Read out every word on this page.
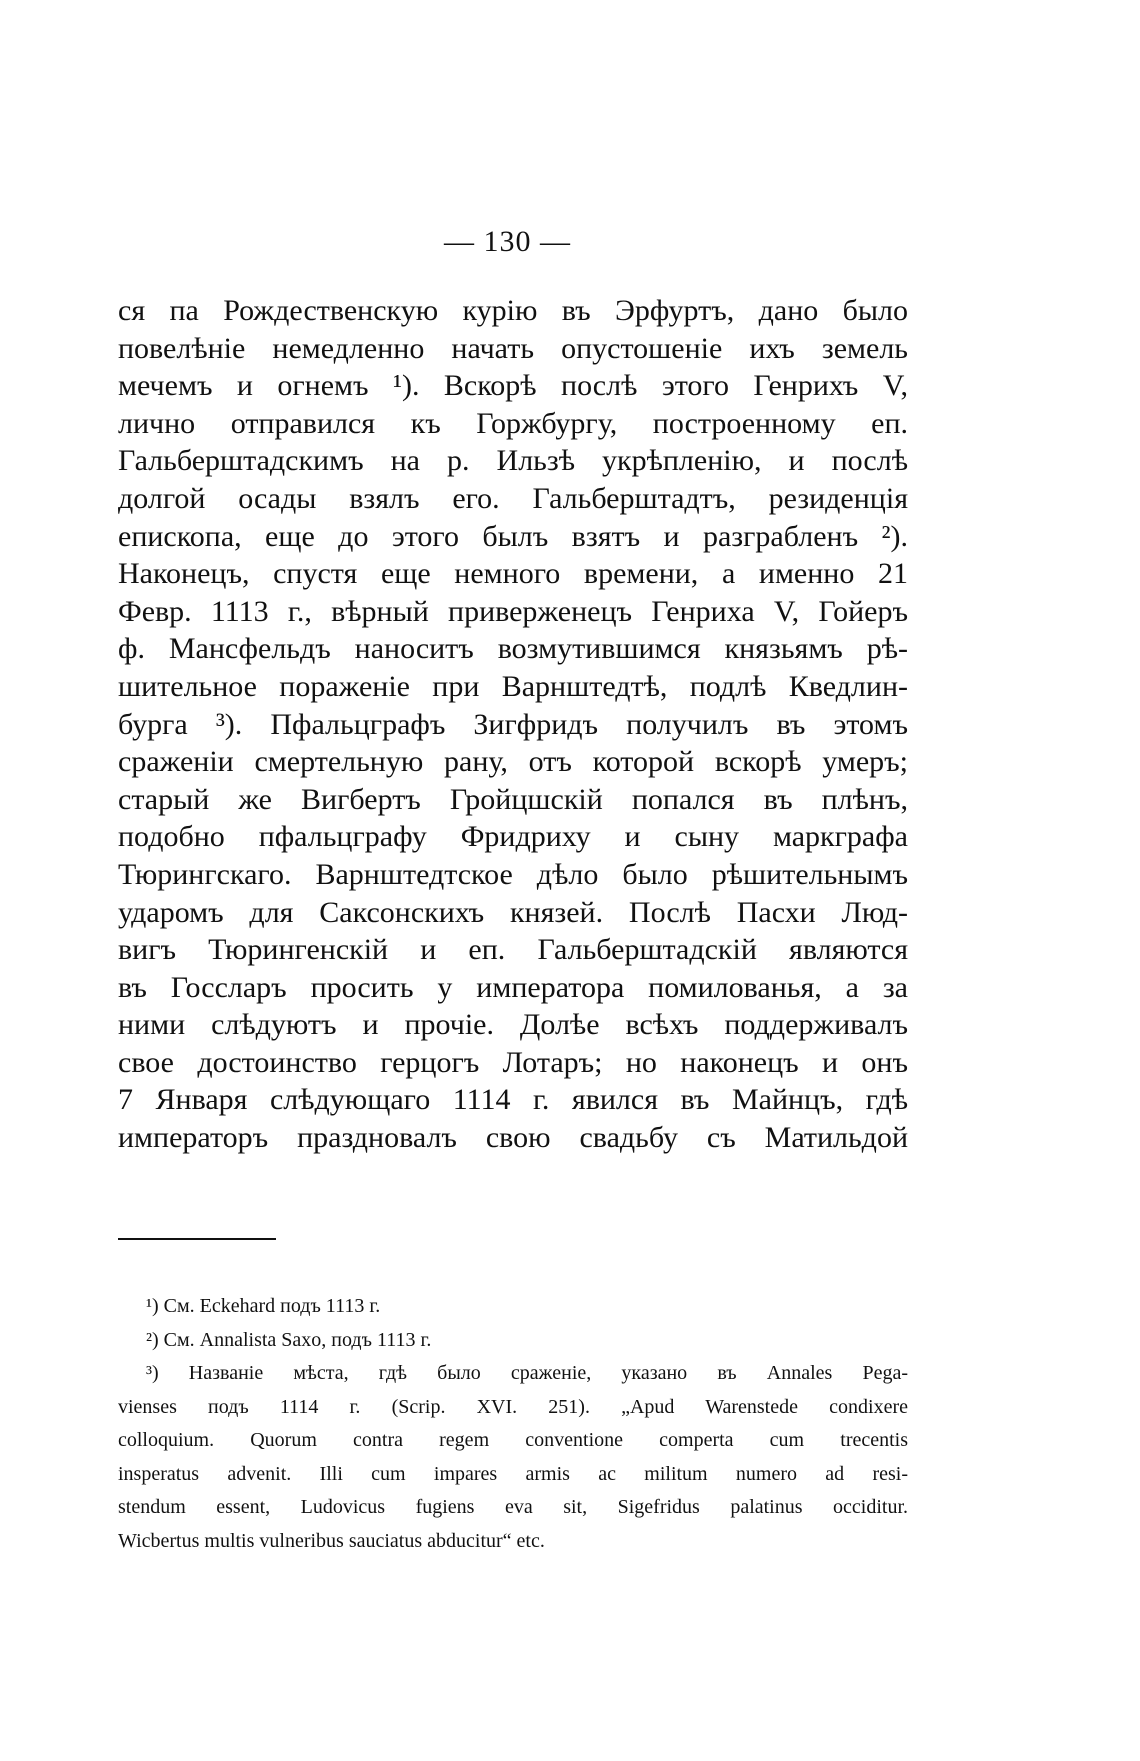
— 130 —
ся па Рождественскую курію въ Эрфуртъ, дано было
повелѣніе немедленно начать опустошеніе ихъ земель
мечемъ и огнемъ ¹). Вскорѣ послѣ этого Генрихъ V,
лично отправился къ Горжбургу, построенному еп.
Гальберштадскимъ на р. Ильзѣ укрѣпленію, и послѣ
долгой осады взялъ его. Гальберштадтъ, резиденція
епископа, еще до этого былъ взятъ и разграбленъ ²).
Наконецъ, спустя еще немного времени, а именно 21
Февр. 1113 г., вѣрный приверженецъ Генриха V, Гойеръ
ф. Мансфельдъ наноситъ возмутившимся князьямъ рѣ-
шительное пораженіе при Варнштедтѣ, подлѣ Кведлин-
бурга ³). Пфальцграфъ Зигфридъ получилъ въ этомъ
сраженіи смертельную рану, отъ которой вскорѣ умеръ;
старый же Вигбертъ Гройцшскій попался въ плѣнъ,
подобно пфальцграфу Фридриху и сыну маркграфа
Тюрингскаго. Варнштедтское дѣло было рѣшительнымъ
ударомъ для Саксонскихъ князей. Послѣ Пасхи Люд-
вигъ Тюрингенскій и еп. Гальберштадскій являются
въ Госсларъ просить у императора помилованья, а за
ними слѣдуютъ и прочіе. Долѣе всѣхъ поддерживалъ
свое достоинство герцогъ Лотаръ; но наконецъ и онъ
7 Января слѣдующаго 1114 г. явился въ Майнцъ, гдѣ
императоръ праздновалъ свою свадьбу съ Матильдой
¹) См. Eckehard подъ 1113 г.
²) См. Annalista Saxo, подъ 1113 г.
³) Названіе мѣста, гдѣ было сраженіе, указано въ Annales Pega-
vienses подъ 1114 г. (Scrip. XVI. 251). „Apud Warenstede condixere
colloquium. Quorum contra regem conventione comperta cum trecentis
insperatus advenit. Illi cum impares armis ac militum numero ad resi-
stendum essent, Ludovicus fugiens eva sit, Sigefridus palatinus occiditur.
Wicbertus multis vulneribus sauciatus abducitur“ etc.
